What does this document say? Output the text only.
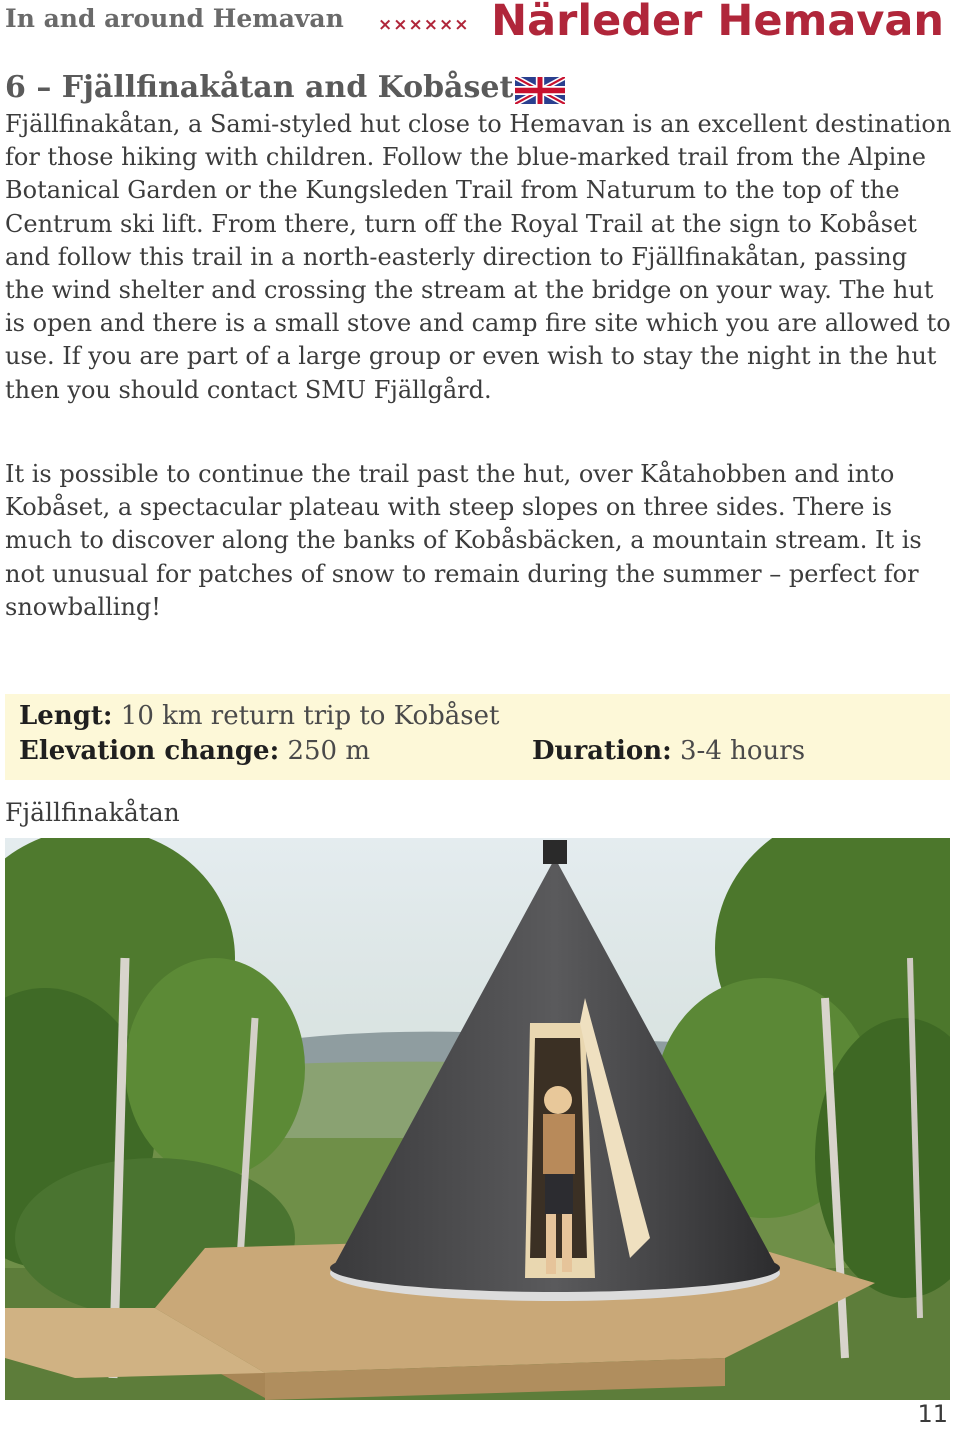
In and around Hemavan ×××××× Närleder Hemavan
6 – Fjällfinakåtan and Kobåset

Fjällfinakåtan, a Sami-styled hut close to Hemavan is an excellent destination for those hiking with children. Follow the blue-marked trail from the Alpine Botanical Garden or the Kungsleden Trail from Naturum to the top of the Centrum ski lift. From there, turn off the Royal Trail at the sign to Kobåset and follow this trail in a north-easterly direction to Fjällfinakåtan, passing the wind shelter and crossing the stream at the bridge on your way. The hut is open and there is a small stove and camp fire site which you are allowed to use. If you are part of a large group or even wish to stay the night in the hut then you should contact SMU Fjällgård.

It is possible to continue the trail past the hut, over Kåtahobben and into Kobåset, a spectacular plateau with steep slopes on three sides. There is much to discover along the banks of Kobåsbäcken, a mountain stream. It is not unusual for patches of snow to remain during the summer – perfect for snowballing!

Lengt: 10 km return trip to Kobåset
Elevation change: 250 m	Duration: 3-4 hours
Fjällfinakåtan
11
